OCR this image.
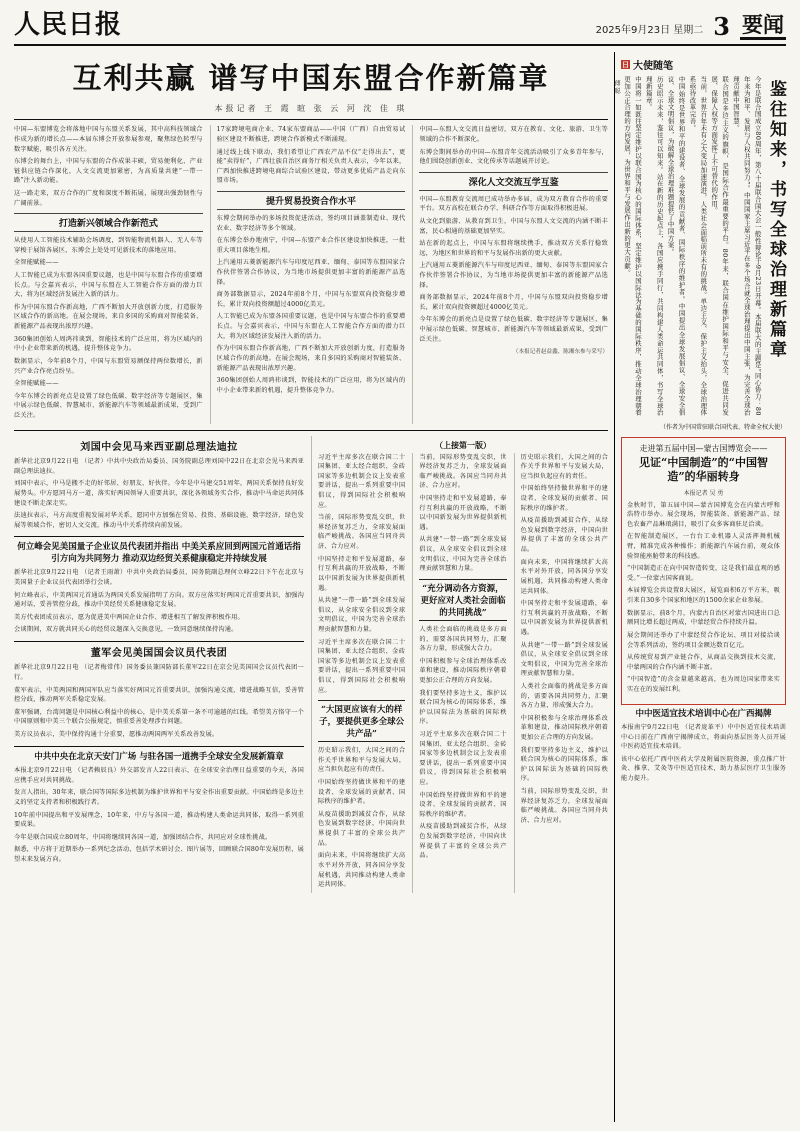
人民日报	2025年9月23日 星期二 3 要闻
互利共赢 谱写中国东盟合作新篇章
本报记者 王 霞 暄 张 云 河 沈 佳 琪

中国—东盟博览会将落地中国与东盟关系发展，其中高科技领域合作成为新的增长点——本届东博会开放参展参观，聚焦绿色转型与数字赋能，吸引各方关注。

东博会的舞台上，中国与东盟的合作成果丰硕，贸易便利化、产业链供应链合作深化，人文交流更加紧密，为高质量共建“一带一路”注入新动能。

这一路走来，双方合作的广度和深度不断拓展，展现出强劲韧性与广阔前景。

打造新兴领域合作新范式

从使用人工智能技术辅助会场调度，到智能物流机器人、无人车等穿梭于展馆各展区，东博会上处处可见新技术的落地应用。

全智能赋能——

人工智能已成为东盟各国重要议题，也是中国与东盟合作的重要增长点。与会嘉宾表示，中国与东盟在人工智能合作方面的潜力巨大，将为区域经济发展注入新的活力。

作为中国东盟合作新高地，广西不断加大开放创新力度，打造服务区域合作的新高地。在展会现场，来自多国的采购商对智能装备、新能源产品表现出浓厚兴趣。

360集团创始人周鸿祎谈到，智能技术的广泛应用，将为区域内的中小企业带来新的机遇，提升整体竞争力。

数据显示，今年前8个月，中国与东盟贸易额保持两位数增长，新兴产业合作亮点纷呈。

全智能赋能——

今年东博会的新亮点是设置了绿色低碳、数字经济等专题展区，集中展示绿色低碳、智慧城市、新能源汽车等领域最新成果，受到广泛关注。

17家跨境电商企业、74家东盟商品——中国（广西）自由贸易试验区建设不断推进，跨境合作新模式不断涌现。

通过线上线下联动，我们希望让广西农产品不仅“走得出去”，更能“卖得好”，广西壮族自治区商务厅相关负责人表示，今年以来，广西加快推进跨境电商综合试验区建设，带动更多优质产品走向东盟市场。

提升贸易投资合作水平

东博会期间举办的多场投资促进活动，签约项目涵盖制造业、现代农业、数字经济等多个领域。

在东博会举办地南宁，中国—东盟产业合作区建设加快推进，一批重大项目落地生根。

上汽通用五菱新能源汽车与印度尼西亚、缅甸、泰国等东盟国家合作伙伴签署合作协议，为当地市场提供更加丰富的新能源产品选择。

商务部数据显示，2024年前8个月，中国与东盟双向投资稳步增长，累计双向投资额超过4000亿美元。

人工智能已成为东盟各国重要议题，也是中国与东盟合作的重要增长点。与会嘉宾表示，中国与东盟在人工智能合作方面的潜力巨大，将为区域经济发展注入新的活力。

作为中国东盟合作新高地，广西不断加大开放创新力度，打造服务区域合作的新高地。在展会现场，来自多国的采购商对智能装备、新能源产品表现出浓厚兴趣。

360集团创始人周鸿祎谈到，智能技术的广泛应用，将为区域内的中小企业带来新的机遇，提升整体竞争力。

中国—东盟人文交流日益密切，双方在教育、文化、旅游、卫生等领域的合作不断深化。

东博会期间举办的中国—东盟青年交流活动吸引了众多青年参与，他们围绕创新创业、文化传承等话题展开讨论。

深化人文交流互学互鉴

中国—东盟教育交流周已成功举办多届，成为双方教育合作的重要平台。双方高校在联合办学、科研合作等方面取得积极进展。

从文化到旅游、从教育到卫生，中国与东盟人文交流的内涵不断丰富，民心相通的基础更加坚实。

站在新的起点上，中国与东盟将继续携手，推动双方关系行稳致远，为地区和世界的和平与发展作出新的更大贡献。

上汽通用五菱新能源汽车与印度尼西亚、缅甸、泰国等东盟国家合作伙伴签署合作协议，为当地市场提供更加丰富的新能源产品选择。

商务部数据显示，2024年前8个月，中国与东盟双向投资稳步增长，累计双向投资额超过4000亿美元。

今年东博会的新亮点是设置了绿色低碳、数字经济等专题展区，集中展示绿色低碳、智慧城市、新能源汽车等领域最新成果，受到广泛关注。

（本报记者赵益鑫、陈湘东参与采写）
刘国中会见马来西亚副总理法迪拉

新华社北京9月22日电 （记者）中共中央政治局委员、国务院副总理刘国中22日在北京会见马来西亚副总理法迪拉。

刘国中表示，中马是搬不走的好邻居、好朋友、好伙伴。今年是中马建交51周年，两国关系保持良好发展势头。中方愿同马方一道，落实好两国领导人重要共识，深化各领域务实合作，推动中马命运共同体建设不断走深走实。

法迪拉表示，马方高度重视发展对华关系，愿同中方加强在贸易、投资、基础设施、数字经济、绿色发展等领域合作，密切人文交流，推动马中关系持续向前发展。

何立峰会见美国量子企业议员代表团并指出 中美关系应回到两国元首通话指引方向为共同努力 推动双边经贸关系健康稳定并持续发展

新华社北京9月22日电 （记者王雨萧）中共中央政治局委员、国务院副总理何立峰22日下午在北京与美国量子企业议员代表团举行会谈。

何立峰表示，中美两国元首通话为两国关系发展指明了方向。双方应落实好两国元首重要共识，加强沟通对话，妥善管控分歧，推动中美经贸关系健康稳定发展。

美方代表团成员表示，愿为促进美中两国企业合作、增进相互了解发挥积极作用。

会谈期间，双方就共同关心的经贸议题深入交换意见，一致同意继续保持沟通。

董军会见美国国会议员代表团

新华社北京9月22日电 （记者梅常伟）国务委员兼国防部长董军22日在京会见美国国会议员代表团一行。

董军表示，中美两国和两国军队应当落实好两国元首重要共识，加强沟通交流，增进战略互信，妥善管控分歧，推动两军关系稳定发展。

董军强调，台湾问题是中国核心利益中的核心，是中美关系第一条不可逾越的红线。希望美方恪守一个中国原则和中美三个联合公报规定，慎重妥善处理涉台问题。

美方议员表示，美中保持沟通十分重要，愿推动两国两军关系改善发展。

中共中央在北京天安门广场 与驻各国一道携手全球安全发展新篇章

本报北京9月22日电 （记者赖辰良）外交部发言人22日表示，在全球安全治理日益重要的今天，各国应携手应对共同挑战。

发言人指出，30年来，联合国等国际多边机制为维护世界和平与安全作出重要贡献。中国始终是多边主义的坚定支持者和积极践行者。

10年前中国提出和平发展理念，10年来，中方与各国一道，推动构建人类命运共同体，取得一系列重要成果。

今年是联合国成立80周年，中国将继续同各国一道，加强团结合作，共同应对全球性挑战。

据悉，中方将于近期举办一系列纪念活动，包括学术研讨会、图片展等，回顾联合国80年发展历程，展望未来发展方向。

（上接第一版）

习近平主席多次在联合国二十国集团、亚太经合组织、金砖国家等多边机制会议上发表重要讲话，提出一系列重要中国倡议，得到国际社会积极响应。

当前，国际形势变乱交织，世界经济复苏乏力，全球发展面临严峻挑战。各国应当同舟共济、合力应对。

中国坚持走和平发展道路，奉行互利共赢的开放战略，不断以中国新发展为世界提供新机遇。

从共建“一带一路”到全球发展倡议，从全球安全倡议到全球文明倡议，中国为完善全球治理贡献智慧和力量。

习近平主席多次在联合国二十国集团、亚太经合组织、金砖国家等多边机制会议上发表重要讲话，提出一系列重要中国倡议，得到国际社会积极响应。

“大国更应该有大的样子，要提供更多全球公共产品”

历史昭示我们，大国之间的合作关乎世界和平与发展大局，应当担负起应有的责任。

中国始终坚持做世界和平的建设者、全球发展的贡献者、国际秩序的维护者。

从疫苗援助到减贫合作，从绿色发展到数字经济，中国向世界提供了丰富的全球公共产品。

面向未来，中国将继续扩大高水平对外开放，同各国分享发展机遇，共同推动构建人类命运共同体。

当前，国际形势变乱交织，世界经济复苏乏力，全球发展面临严峻挑战。各国应当同舟共济、合力应对。

中国坚持走和平发展道路，奉行互利共赢的开放战略，不断以中国新发展为世界提供新机遇。

从共建“一带一路”到全球发展倡议，从全球安全倡议到全球文明倡议，中国为完善全球治理贡献智慧和力量。

“充分调动各方资源，更好应对人类社会面临的共同挑战”

人类社会面临的挑战是多方面的，需要各国共同努力，汇聚各方力量，形成强大合力。

中国积极参与全球治理体系改革和建设，推动国际秩序朝着更加公正合理的方向发展。

我们要坚持多边主义，维护以联合国为核心的国际体系，维护以国际法为基础的国际秩序。

习近平主席多次在联合国二十国集团、亚太经合组织、金砖国家等多边机制会议上发表重要讲话，提出一系列重要中国倡议，得到国际社会积极响应。

中国始终坚持做世界和平的建设者、全球发展的贡献者、国际秩序的维护者。

从疫苗援助到减贫合作，从绿色发展到数字经济，中国向世界提供了丰富的全球公共产品。

历史昭示我们，大国之间的合作关乎世界和平与发展大局，应当担负起应有的责任。

中国始终坚持做世界和平的建设者、全球发展的贡献者、国际秩序的维护者。

从疫苗援助到减贫合作，从绿色发展到数字经济，中国向世界提供了丰富的全球公共产品。

面向未来，中国将继续扩大高水平对外开放，同各国分享发展机遇，共同推动构建人类命运共同体。

中国坚持走和平发展道路，奉行互利共赢的开放战略，不断以中国新发展为世界提供新机遇。

从共建“一带一路”到全球发展倡议，从全球安全倡议到全球文明倡议，中国为完善全球治理贡献智慧和力量。

人类社会面临的挑战是多方面的，需要各国共同努力，汇聚各方力量，形成强大合力。

中国积极参与全球治理体系改革和建设，推动国际秩序朝着更加公正合理的方向发展。

我们要坚持多边主义，维护以联合国为核心的国际体系，维护以国际法为基础的国际秩序。

当前，国际形势变乱交织，世界经济复苏乏力，全球发展面临严峻挑战。各国应当同舟共济、合力应对。

日 大使随笔
鉴往知来，书写全球治理新篇章
今年是联合国成立80周年，第八十届联合国大会一般性辩论于9月23日开幕。本届联大的主题是“同心协力：80年来为和平、发展与人权共同努力”。中国国家主席习近平在多个场合就全球治理提出中国主张，为完善全球治理贡献中国智慧。
联合国是多边主义的旗帜，是国际合作最重要的平台。80年来，联合国在维护国际和平与安全、促进共同发展、保障人权等方面发挥了不可替代的作用。
当前，世界百年未有之大变局加速演进，人类社会面临前所未有的挑战。单边主义、保护主义抬头，全球治理体系亟待改革完善。
中国始终是世界和平的建设者、全球发展的贡献者、国际秩序的维护者。中国提出全球发展倡议、全球安全倡议、全球文明倡议，为破解全球治理难题提供了中国方案。
历史昭示未来，鉴往可以知来。站在新的历史起点上，各国应携手同行，共同构建人类命运共同体，书写全球治理新篇章。
中国将一如既往坚定维护以联合国为核心的国际体系，坚定维护以国际法为基础的国际秩序，推动全球治理朝着更加公正合理的方向发展，为世界和平与发展作出新的更大贡献。
傅 聪
（作者为中国常驻联合国代表、特命全权大使）
走进第五届中国—蒙古国博览会——
见证“中国制造”的“中国智造”的华丽转身
本报记者 吴 勇

金秋时节，第五届中国—蒙古国博览会在内蒙古呼和浩特市举办。展会现场，智能装备、新能源产品、绿色农畜产品琳琅满目，吸引了众多客商驻足洽谈。

在智能制造展区，一台台工业机器人灵活挥舞机械臂，精准完成各种操作；新能源汽车展台前，观众体验智能座舱带来的科技感。

“中国制造正在向中国智造转变，这是我们最直观的感受。”一位蒙古国客商说。

本届博览会共设置8大展区，展览面积6万平方米，吸引来自30多个国家和地区的1500余家企业参展。

数据显示，前8个月，内蒙古自治区对蒙古国进出口总额同比增长超过两成，中蒙经贸合作持续升温。

展会期间还举办了中蒙经贸合作论坛、项目对接洽谈会等系列活动，签约项目金额达数百亿元。

从传统贸易到产业链合作，从商品交换到技术交流，中蒙两国的合作内涵不断丰富。

“中国智造”的含金量越来越高，也为周边国家带来实实在在的发展红利。

中中医适宜技术培训中心在广西揭牌

本报南宁9月22日电 （记者庞革平）中中医适宜技术培训中心日前在广西南宁揭牌成立，将面向基层医务人员开展中医药适宜技术培训。

该中心依托广西中医药大学及附属医院资源，重点推广针灸、推拿、艾灸等中医适宜技术，助力基层医疗卫生服务能力提升。
